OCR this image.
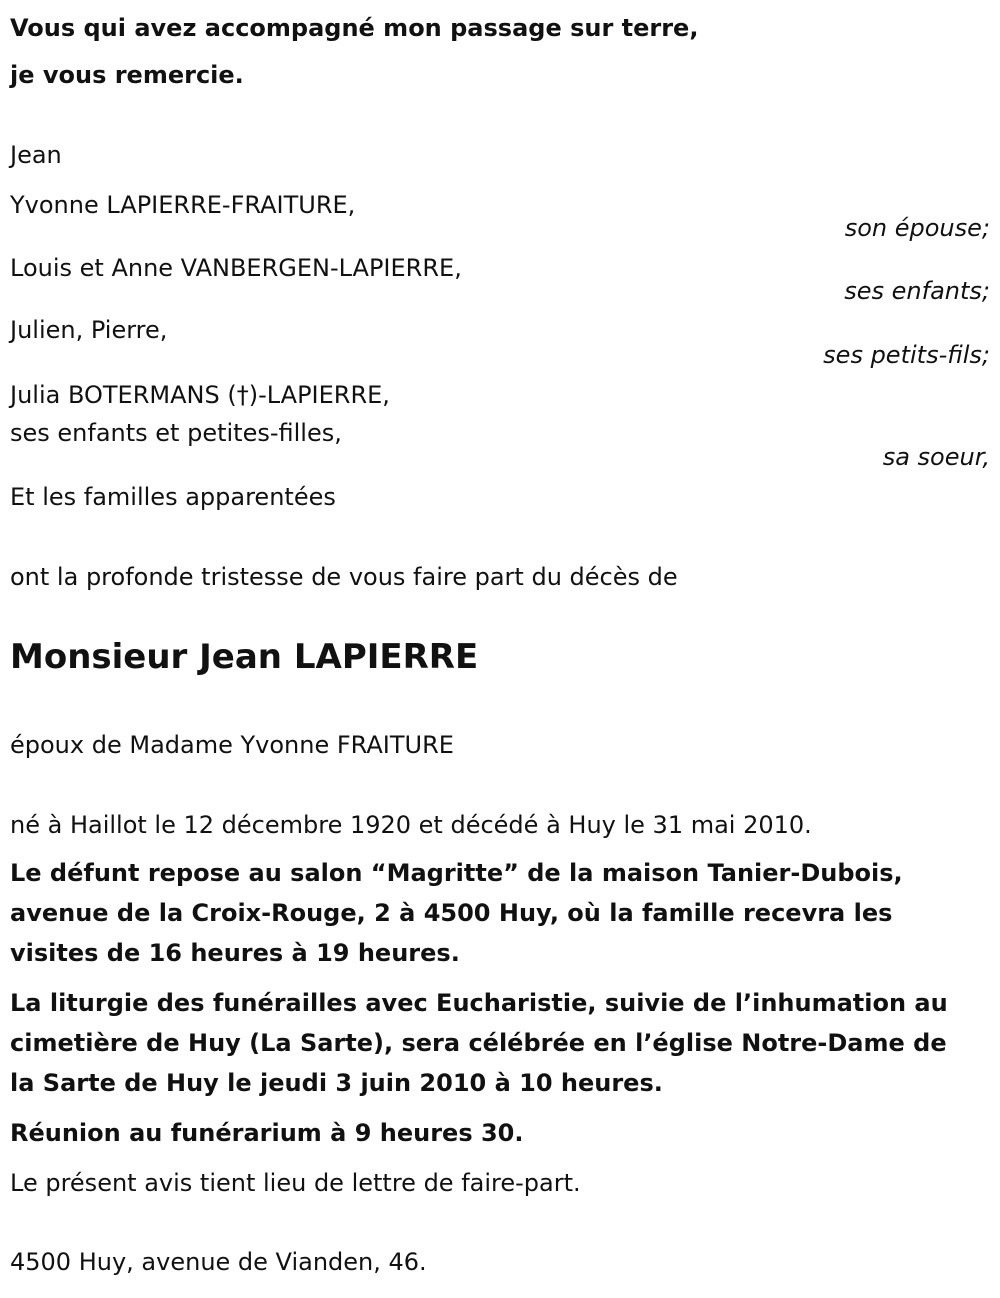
Vous qui avez accompagné mon passage sur terre,
je vous remercie.
Jean
Yvonne LAPIERRE-FRAITURE,
son épouse;
Louis et Anne VANBERGEN-LAPIERRE,
ses enfants;
Julien, Pierre,
ses petits-fils;
Julia BOTERMANS (†)-LAPIERRE,
ses enfants et petites-filles,
sa soeur,
Et les familles apparentées
ont la profonde tristesse de vous faire part du décès de
Monsieur Jean LAPIERRE
époux de Madame Yvonne FRAITURE
né à Haillot le 12 décembre 1920 et décédé à Huy le 31 mai 2010.
Le défunt repose au salon “Magritte” de la maison Tanier-Dubois,
avenue de la Croix-Rouge, 2 à 4500 Huy, où la famille recevra les
visites de 16 heures à 19 heures.
La liturgie des funérailles avec Eucharistie, suivie de l’inhumation au
cimetière de Huy (La Sarte), sera célébrée en l’église Notre-Dame de
la Sarte de Huy le jeudi 3 juin 2010 à 10 heures.
Réunion au funérarium à 9 heures 30.
Le présent avis tient lieu de lettre de faire-part.
4500 Huy, avenue de Vianden, 46.
